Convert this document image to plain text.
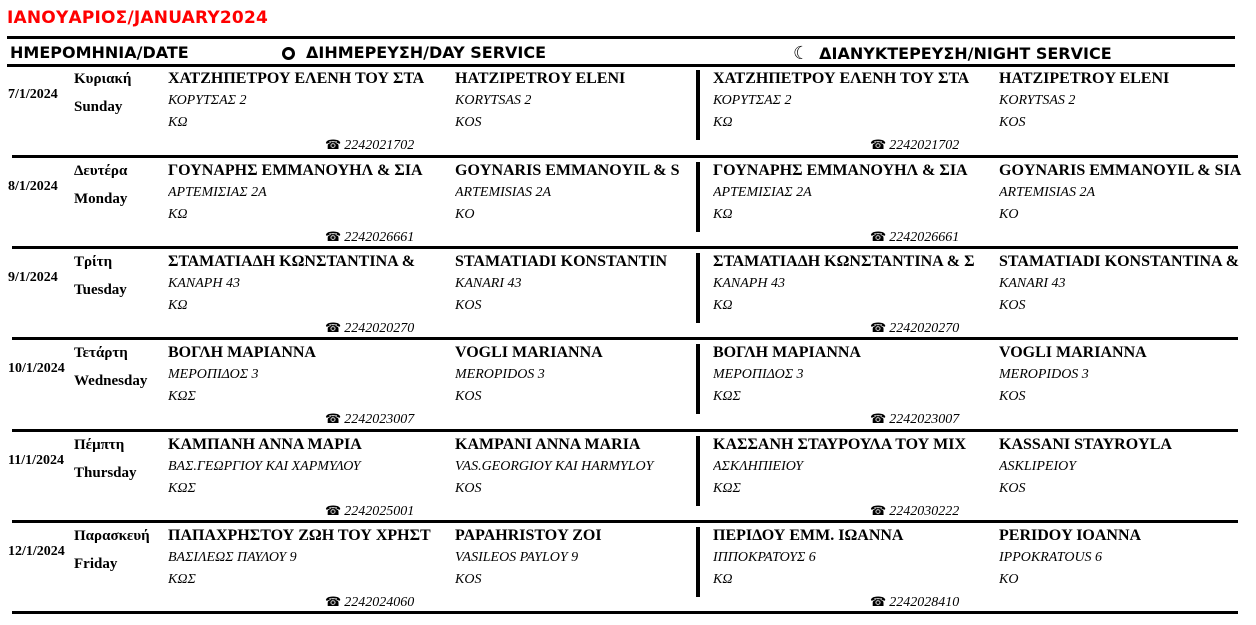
ΙΑΝΟΥΑΡΙΟΣ/JANUARY2024
ΗΜΕΡΟΜΗΝΙΑ/DATE	ΔΙΗΜΕΡΕΥΣΗ/DAY SERVICE	☾ ΔΙΑΝΥΚΤΕΡΕΥΣΗ/NIGHT SERVICE
7/1/2024
Κυριακή
Sunday
ΧΑΤΖΗΠΕΤΡΟΥ ΕΛΕΝΗ ΤΟΥ ΣΤΑ
ΚΟΡΥΤΣΑΣ 2
ΚΩ
HATZIPETROY ELENI
KORYTSAS 2
KOS
☎ 2242021702
ΧΑΤΖΗΠΕΤΡΟΥ ΕΛΕΝΗ ΤΟΥ ΣΤΑ
ΚΟΡΥΤΣΑΣ 2
ΚΩ
HATZIPETROY ELENI
KORYTSAS 2
KOS
☎ 2242021702
8/1/2024
Δευτέρα
Monday
ΓΟΥΝΑΡΗΣ ΕΜΜΑΝΟΥΗΛ & ΣΙΑ
ΑΡΤΕΜΙΣΙΑΣ 2Α
ΚΩ
GOYNARIS EMMANOYIL & S
ARTEMISIAS 2A
KO
☎ 2242026661
ΓΟΥΝΑΡΗΣ ΕΜΜΑΝΟΥΗΛ & ΣΙΑ
ΑΡΤΕΜΙΣΙΑΣ 2Α
ΚΩ
GOYNARIS EMMANOYIL & SIA
ARTEMISIAS 2A
KO
☎ 2242026661
9/1/2024
Τρίτη
Tuesday
ΣΤΑΜΑΤΙΑΔΗ ΚΩΝΣΤΑΝΤΙΝΑ &
ΚΑΝΑΡΗ 43
ΚΩ
STAMATIADI KONSTANTIN
KANARI 43
KOS
☎ 2242020270
ΣΤΑΜΑΤΙΑΔΗ ΚΩΝΣΤΑΝΤΙΝΑ & Σ
ΚΑΝΑΡΗ 43
ΚΩ
STAMATIADI KONSTANTINA &
KANARI 43
KOS
☎ 2242020270
10/1/2024
Τετάρτη
Wednesday
ΒΟΓΛΗ ΜΑΡΙΑΝΝΑ
ΜΕΡΟΠΙΔΟΣ 3
ΚΩΣ
VOGLI MARIANNA
MEROPIDOS 3
KOS
☎ 2242023007
ΒΟΓΛΗ ΜΑΡΙΑΝΝΑ
ΜΕΡΟΠΙΔΟΣ 3
ΚΩΣ
VOGLI MARIANNA
MEROPIDOS 3
KOS
☎ 2242023007
11/1/2024
Πέμπτη
Thursday
ΚΑΜΠΑΝΗ ΑΝΝΑ ΜΑΡΙΑ
ΒΑΣ.ΓΕΩΡΓΙΟΥ ΚΑΙ ΧΑΡΜΥΛΟΥ
ΚΩΣ
KAMPANI ANNA MARIA
VAS.GEORGIOY KAI HARMYLOY
KOS
☎ 2242025001
ΚΑΣΣΑΝΗ ΣΤΑΥΡΟΥΛΑ ΤΟΥ ΜΙΧ
ΑΣΚΛΗΠΙΕΙΟΥ
ΚΩΣ
KASSANI STAYROYLA
ASKLIPEIOY
KOS
☎ 2242030222
12/1/2024
Παρασκευή
Friday
ΠΑΠΑΧΡΗΣΤΟΥ ΖΩΗ ΤΟΥ ΧΡΗΣΤ
ΒΑΣΙΛΕΩΣ ΠΑΥΛΟΥ 9
ΚΩΣ
PAPAHRISTOY ZOI
VASILEOS PAYLOY 9
KOS
☎ 2242024060
ΠΕΡΙΔΟΥ ΕΜΜ. ΙΩΑΝΝΑ
ΙΠΠΟΚΡΑΤΟΥΣ 6
ΚΩ
PERIDOY IOANNA
IPPOKRATOUS 6
KO
☎ 2242028410
